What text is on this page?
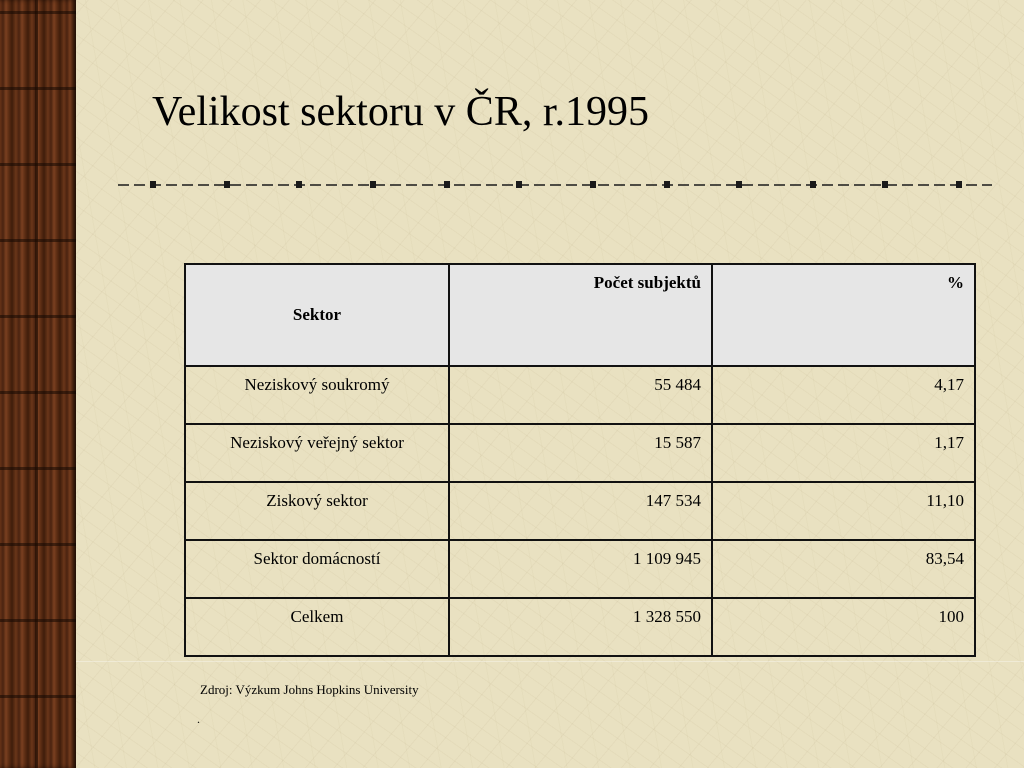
Velikost sektoru v ČR, r.1995
Sektor	Počet subjektů	%
Neziskový soukromý	55 484	4,17
Neziskový veřejný sektor	15 587	1,17
Ziskový sektor	147 534	11,10
Sektor domácností	1 109 945	83,54
Celkem	1 328 550	100
Zdroj: Výzkum Johns Hopkins University
.
